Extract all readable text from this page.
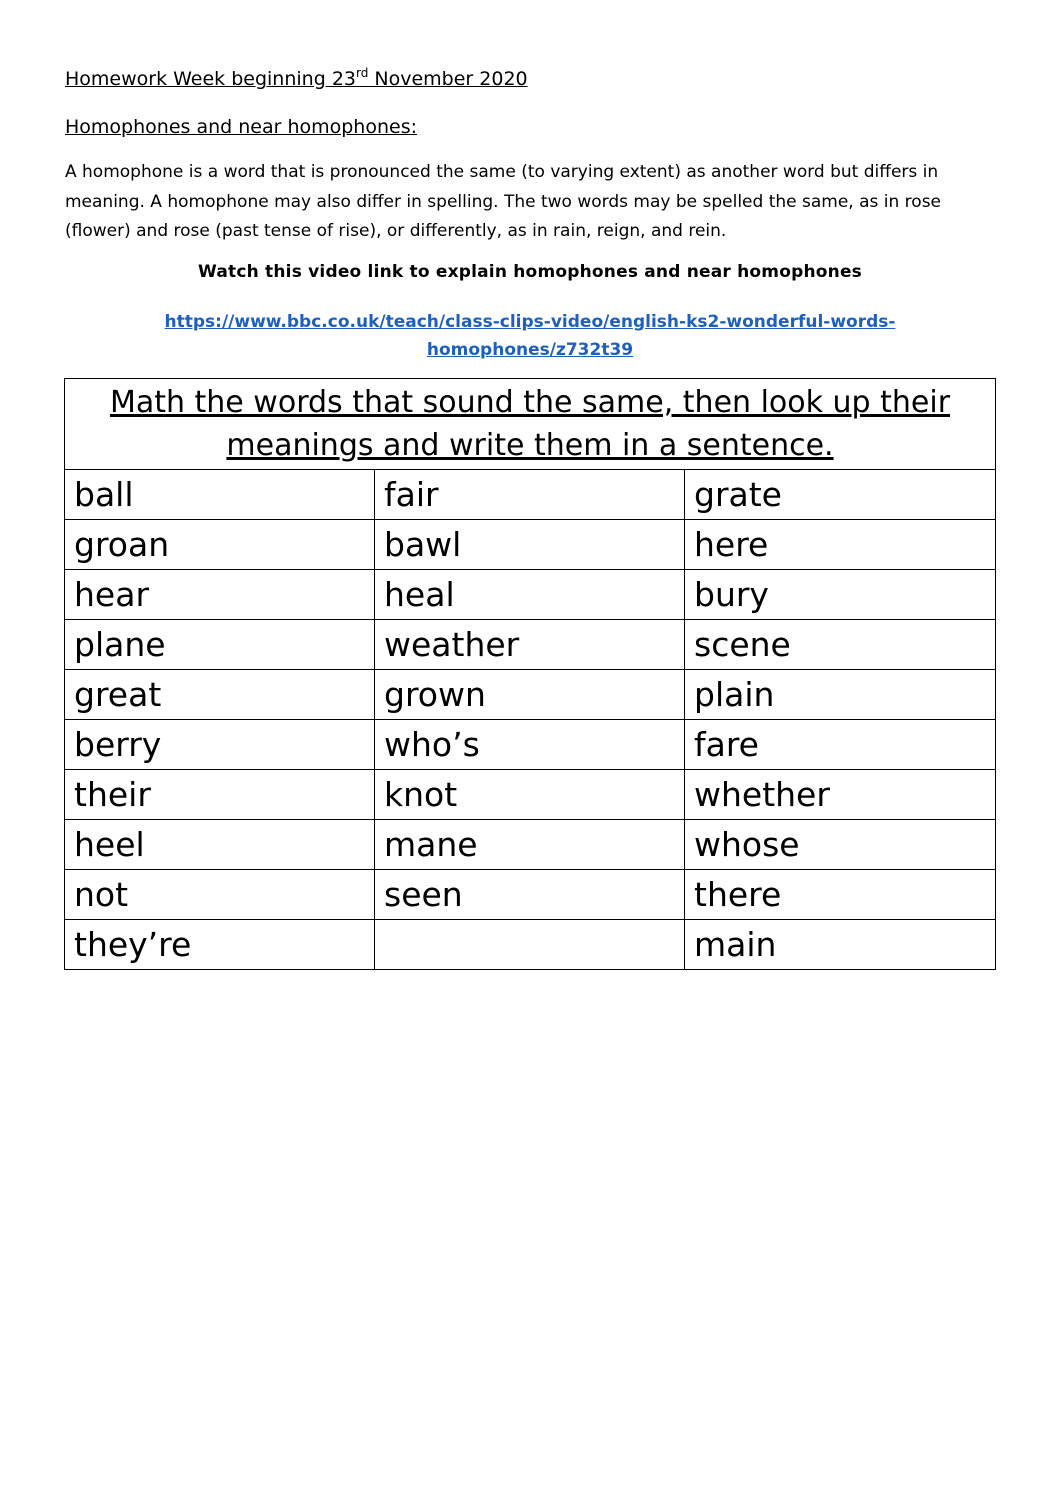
Homework Week beginning 23rd November 2020
Homophones and near homophones:
A homophone is a word that is pronounced the same (to varying extent) as another word but differs in meaning. A homophone may also differ in spelling. The two words may be spelled the same, as in rose (flower) and rose (past tense of rise), or differently, as in rain, reign, and rein.
Watch this video link to explain homophones and near homophones
https://www.bbc.co.uk/teach/class-clips-video/english-ks2-wonderful-words-
homophones/z732t39
Math the words that sound the same, then look up their meanings and write them in a sentence.		
ball	fair	grate
groan	bawl	here
hear	heal	bury
plane	weather	scene
great	grown	plain
berry	who’s	fare
their	knot	whether
heel	mane	whose
not	seen	there
they’re		main
